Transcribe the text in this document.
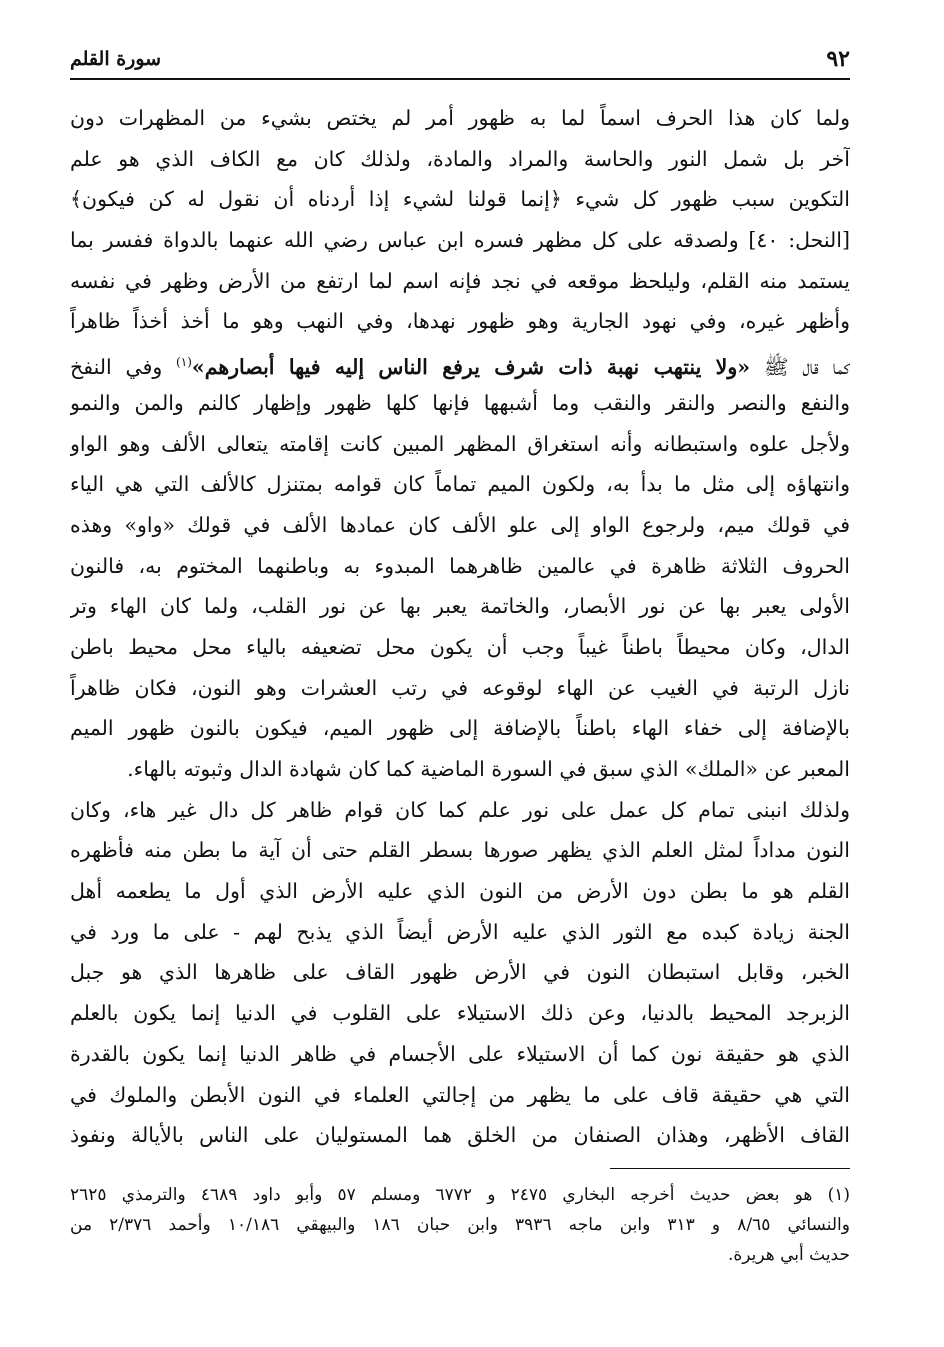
٩٢
سورة القلم
ولما كان هذا الحرف اسماً لما به ظهور أمر لم يختص بشيء من المظهرات دون
آخر بل شمل النور والحاسة والمراد والمادة، ولذلك كان مع الكاف الذي هو علم
التكوين سبب ظهور كل شيء ﴿إنما قولنا لشيء إذا أردناه أن نقول له كن فيكون﴾
[النحل: ٤٠] ولصدقه على كل مظهر فسره ابن عباس رضي الله عنهما بالدواة ففسر بما
يستمد منه القلم، وليلحظ موقعه في نجد فإنه اسم لما ارتفع من الأرض وظهر في نفسه
وأظهر غيره، وفي نهود الجارية وهو ظهور نهدها، وفي النهب وهو ما أخذ أخذاً ظاهراً
كما قال ﷺ «ولا ينتهب نهبة ذات شرف يرفع الناس إليه فيها أبصارهم»$^{(١)}$ وفي النفخ
والنفع والنصر والنقر والنقب وما أشبهها فإنها كلها ظهور وإظهار كالنم والمن والنمو
ولأجل علوه واستبطانه وأنه استغراق المظهر المبين كانت إقامته يتعالى الألف وهو الواو
وانتهاؤه إلى مثل ما بدأ به، ولكون الميم تماماً كان قوامه بمتنزل كالألف التي هي الياء
في قولك ميم، ولرجوع الواو إلى علو الألف كان عمادها الألف في قولك «واو» وهذه
الحروف الثلاثة ظاهرة في عالمين ظاهرهما المبدوء به وباطنهما المختوم به، فالنون
الأولى يعبر بها عن نور الأبصار، والخاتمة يعبر بها عن نور القلب، ولما كان الهاء وتر
الدال، وكان محيطاً باطناً غيباً وجب أن يكون محل تضعيفه بالياء محل محيط باطن
نازل الرتبة في الغيب عن الهاء لوقوعه في رتب العشرات وهو النون، فكان ظاهراً
بالإضافة إلى خفاء الهاء باطناً بالإضافة إلى ظهور الميم، فيكون بالنون ظهور الميم
المعبر عن «الملك» الذي سبق في السورة الماضية كما كان شهادة الدال وثبوته بالهاء.
ولذلك انبنى تمام كل عمل على نور علم كما كان قوام ظاهر كل دال غير هاء، وكان
النون مداداً لمثل العلم الذي يظهر صورها بسطر القلم حتى أن آية ما بطن منه فأظهره
القلم هو ما بطن دون الأرض من النون الذي عليه الأرض الذي أول ما يطعمه أهل
الجنة زيادة كبده مع الثور الذي عليه الأرض أيضاً الذي يذبح لهم - على ما ورد في
الخبر، وقابل استبطان النون في الأرض ظهور القاف على ظاهرها الذي هو جبل
الزبرجد المحيط بالدنيا، وعن ذلك الاستيلاء على القلوب في الدنيا إنما يكون بالعلم
الذي هو حقيقة نون كما أن الاستيلاء على الأجسام في ظاهر الدنيا إنما يكون بالقدرة
التي هي حقيقة قاف على ما يظهر من إجالتي العلماء في النون الأبطن والملوك في
القاف الأظهر، وهذان الصنفان من الخلق هما المستوليان على الناس بالأيالة ونفوذ
(١) هو بعض حديث أخرجه البخاري ٢٤٧٥ و ٦٧٧٢ ومسلم ٥٧ وأبو داود ٤٦٨٩ والترمذي ٢٦٢٥
والنسائي ٨/٦٥ و ٣١٣ وابن ماجه ٣٩٣٦ وابن حبان ١٨٦ والبيهقي ١٠/١٨٦ وأحمد ٢/٣٧٦ من
حديث أبي هريرة.
